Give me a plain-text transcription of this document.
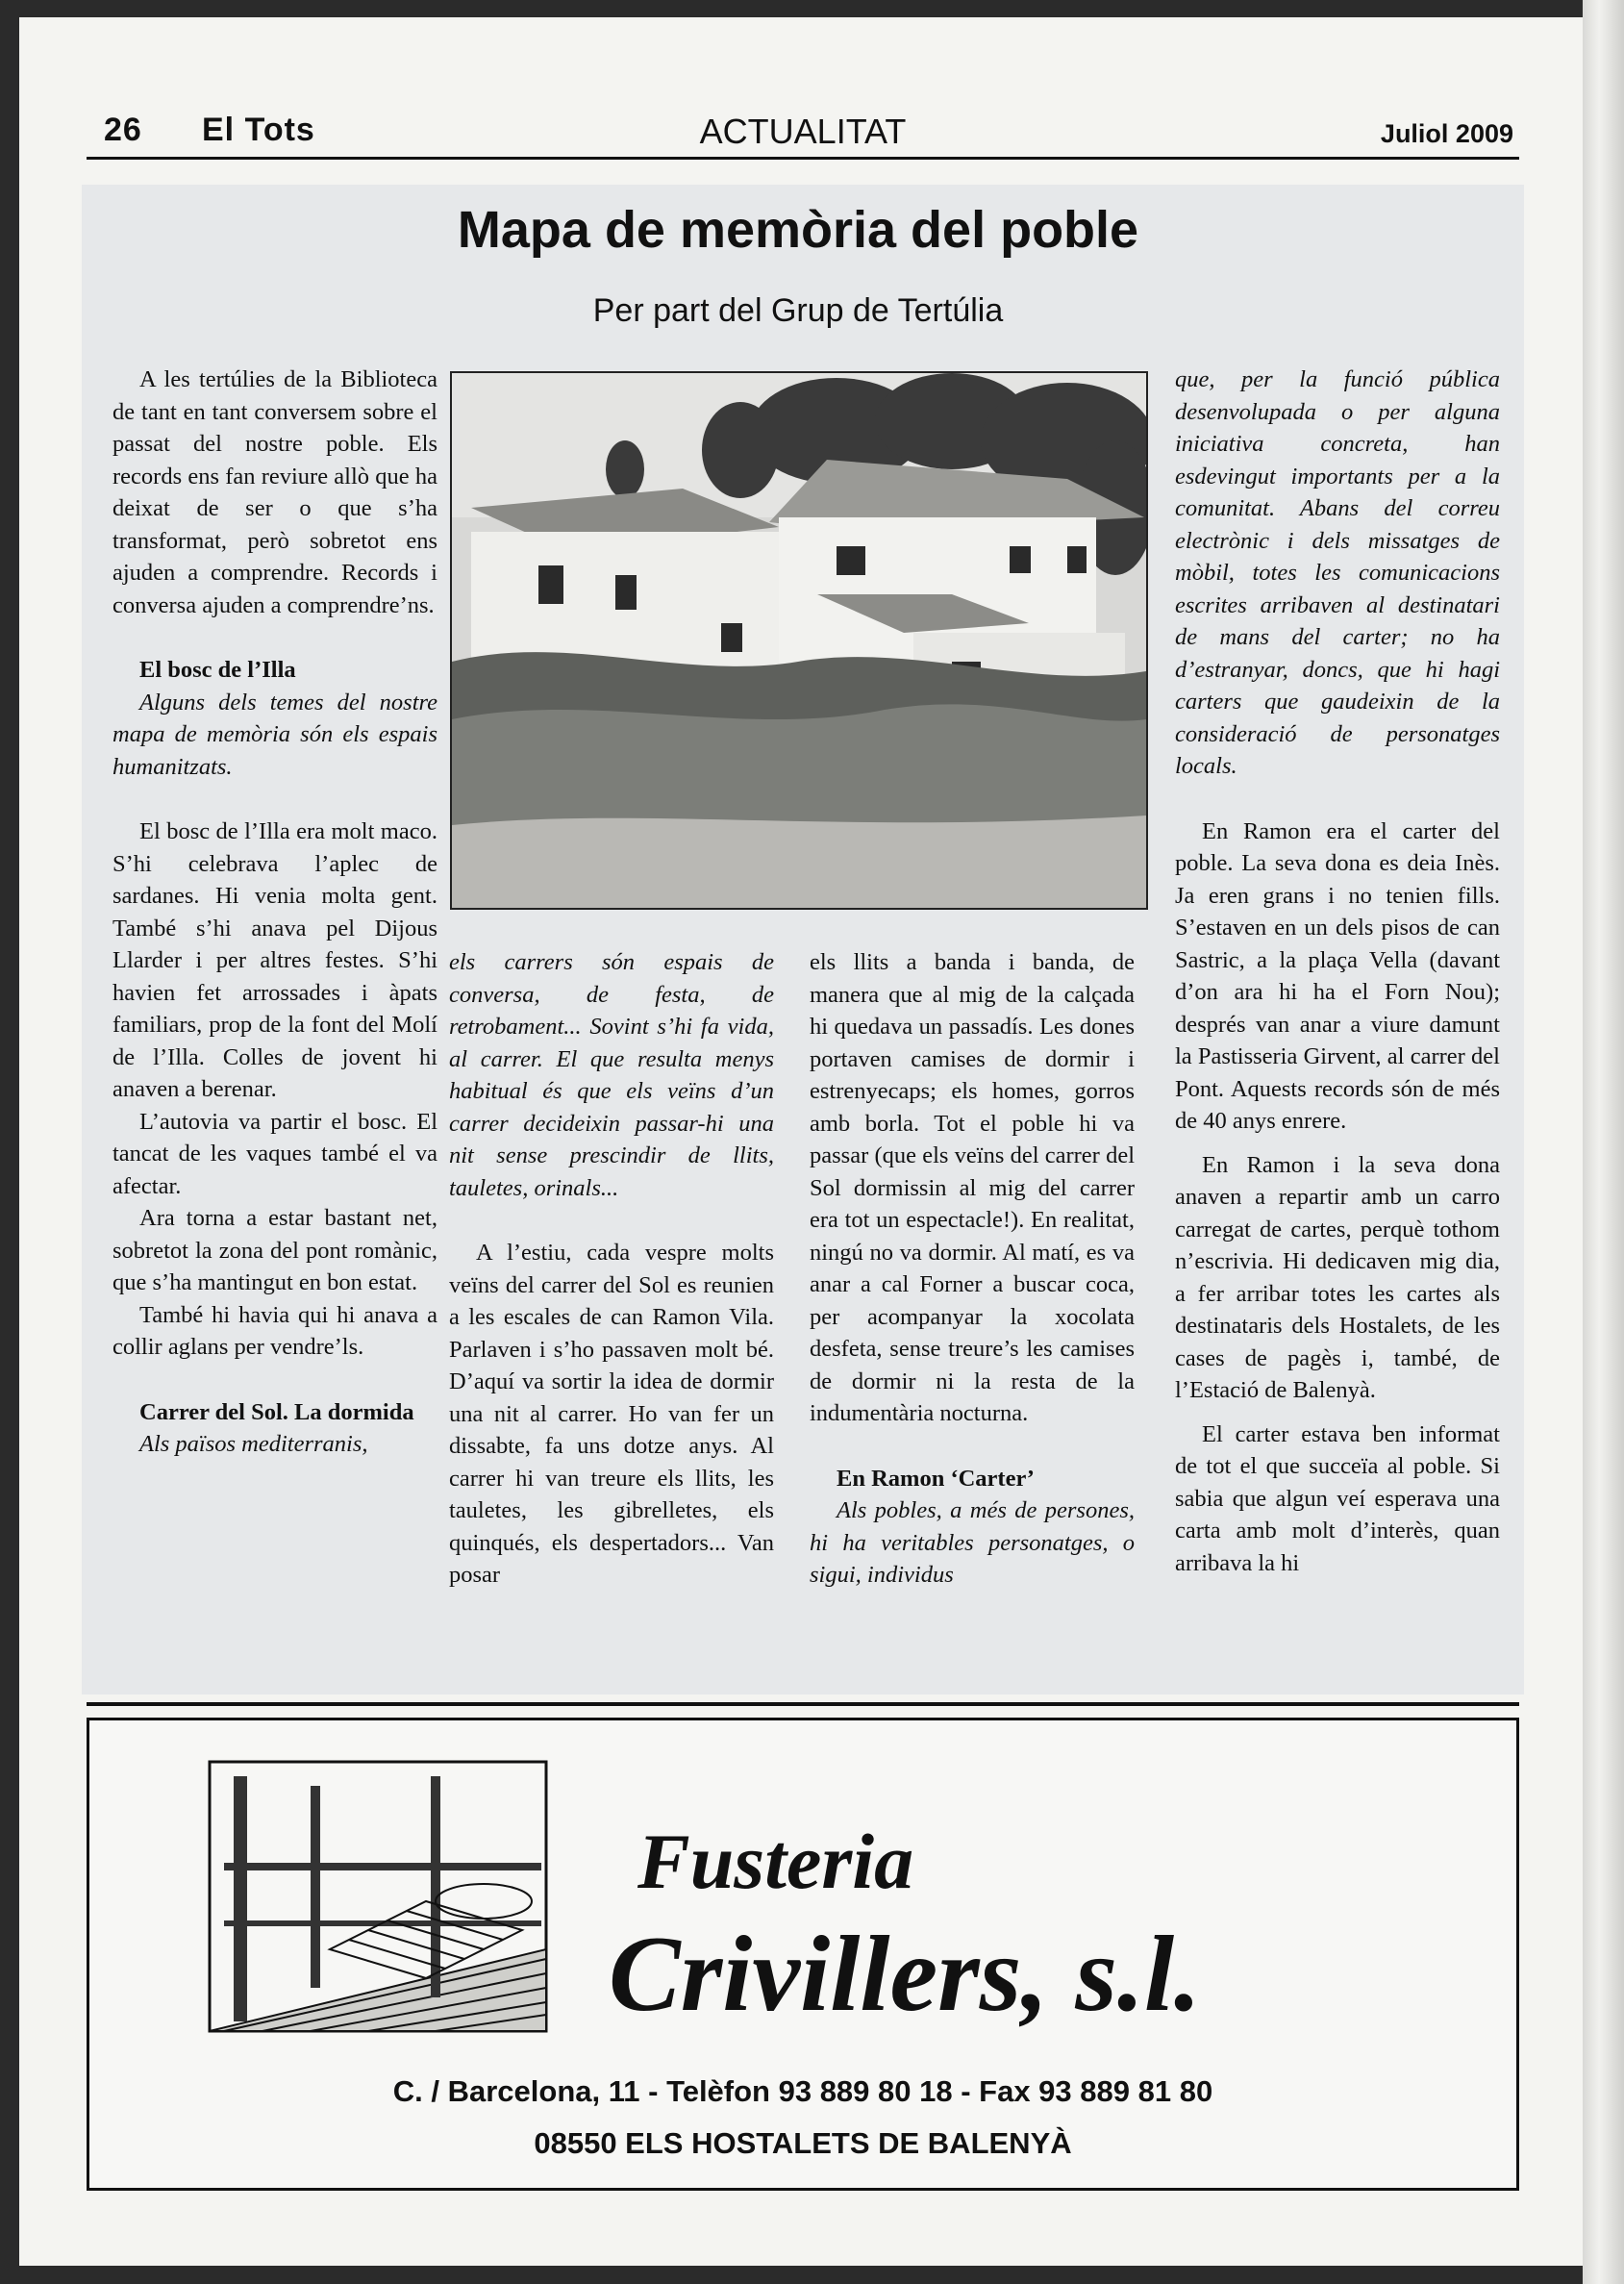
26 El Tots	ACTUALITAT	Juliol 2009
Mapa de memòria del poble
Per part del Grup de Tertúlia

A les tertúlies de la Biblioteca de tant en tant conversem sobre el passat del nostre poble. Els records ens fan reviure allò que ha deixat de ser o que s’ha transformat, però sobretot ens ajuden a comprendre. Records i conversa ajuden a comprendre’ns.

El bosc de l’Illa

Alguns dels temes del nostre mapa de memòria són els espais humanitzats.

El bosc de l’Illa era molt maco. S’hi celebrava l’aplec de sardanes. Hi venia molta gent. També s’hi anava pel Dijous Llarder i per altres festes. S’hi havien fet arrossades i àpats familiars, prop de la font del Molí de l’Illa. Colles de jovent hi anaven a berenar.

L’autovia va partir el bosc. El tancat de les vaques també el va afectar.

Ara torna a estar bastant net, sobretot la zona del pont romànic, que s’ha mantingut en bon estat.

També hi havia qui hi anava a collir aglans per vendre’ls.

Carrer del Sol. La dormida

Als països mediterranis,

els carrers són espais de conversa, de festa, de retrobament... Sovint s’hi fa vida, al carrer. El que resulta menys habitual és que els veïns d’un carrer decideixin passar-hi una nit sense prescindir de llits, tauletes, orinals...

A l’estiu, cada vespre molts veïns del carrer del Sol es reunien a les escales de can Ramon Vila. Parlaven i s’ho passaven molt bé. D’aquí va sortir la idea de dormir una nit al carrer. Ho van fer un dissabte, fa uns dotze anys. Al carrer hi van treure els llits, les tauletes, les gibrelletes, els quinqués, els despertadors... Van posar

els llits a banda i banda, de manera que al mig de la calçada hi quedava un passadís. Les dones portaven camises de dormir i estrenyecaps; els homes, gorros amb borla. Tot el poble hi va passar (que els veïns del carrer del Sol dormissin al mig del carrer era tot un espectacle!). En realitat, ningú no va dormir. Al matí, es va anar a cal Forner a buscar coca, per acompanyar la xocolata desfeta, sense treure’s les camises de dormir ni la resta de la indumentària nocturna.

En Ramon ‘Carter’

Als pobles, a més de persones, hi ha veritables personatges, o sigui, individus

que, per la funció pública desenvolupada o per alguna iniciativa concreta, han esdevingut importants per a la comunitat. Abans del correu electrònic i dels missatges de mòbil, totes les comunicacions escrites arribaven al destinatari de mans del carter; no ha d’estranyar, doncs, que hi hagi carters que gaudeixin de la consideració de personatges locals.

En Ramon era el carter del poble. La seva dona es deia Inès. Ja eren grans i no tenien fills. S’estaven en un dels pisos de can Sastric, a la plaça Vella (davant d’on ara hi ha el Forn Nou); després van anar a viure damunt la Pastisseria Girvent, al carrer del Pont. Aquests records són de més de 40 anys enrere.

En Ramon i la seva dona anaven a repartir amb un carro carregat de cartes, perquè tothom n’escrivia. Hi dedicaven mig dia, a fer arribar totes les cartes als destinataris dels Hostalets, de les cases de pagès i, també, de l’Estació de Balenyà.

El carter estava ben informat de tot el que succeïa al poble. Si sabia que algun veí esperava una carta amb molt d’interès, quan arribava la hi

Fusteria
Crivillers, s.l.
C. / Barcelona, 11 - Telèfon 93 889 80 18 - Fax 93 889 81 80
08550 ELS HOSTALETS DE BALENYÀ
